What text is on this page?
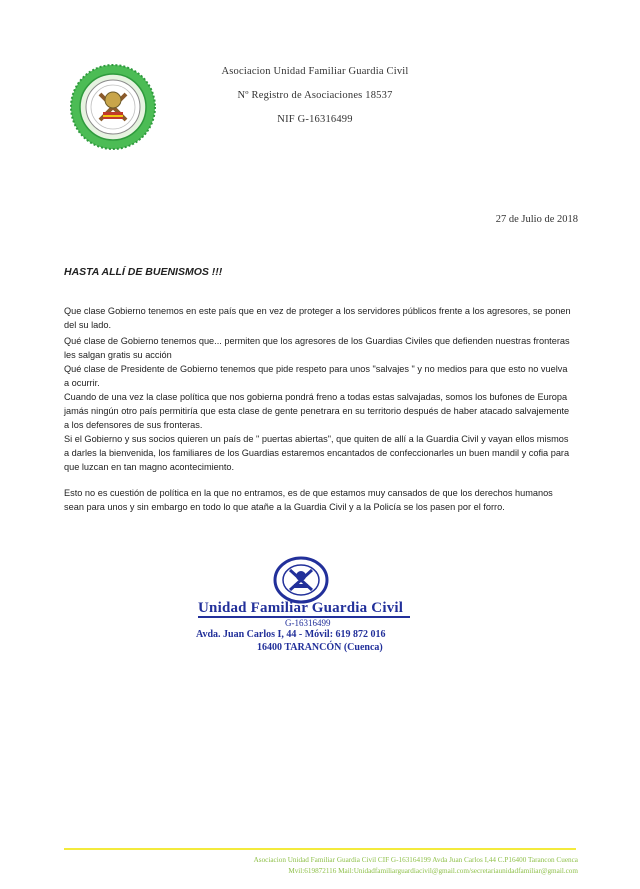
Asociacion Unidad Familiar Guardia Civil
Nº Registro de Asociaciones 18537
NIF G-16316499
27 de Julio de 2018
HASTA ALLÍ DE BUENISMOS !!!

Que clase Gobierno tenemos en este país que en vez de proteger a los servidores públicos frente a los agresores, se ponen del su lado.

Qué clase de Gobierno tenemos que... permiten que los agresores de los Guardias Civiles que defienden nuestras fronteras les salgan gratis su acción

Qué clase de Presidente de Gobierno tenemos que pide respeto para unos "salvajes " y no medios para que esto no vuelva a ocurrir.

Cuando de una vez la clase política que nos gobierna pondrá freno a todas estas salvajadas, somos los bufones de Europa jamás ningún otro país permitiría que esta clase de gente penetrara en su territorio después de haber atacado salvajemente a los defensores de sus fronteras.

Si el Gobierno y sus socios quieren un país de " puertas abiertas", que quiten de allí a la Guardia Civil y vayan ellos mismos a darles la bienvenida, los familiares de los Guardias estaremos encantados de confeccionarles un buen mandil y cofia para que luzcan en tan magno acontecimiento.

Esto no es cuestión de política en la que no entramos, es de que estamos muy cansados de que los derechos humanos sean para unos y sin embargo en todo lo que atañe a la Guardia Civil y a la Policía se los pasen por el forro.

Unidad Familiar Guardia Civil
G-16316499
Avda. Juan Carlos I, 44 - Móvil: 619 872 016
16400 TARANCÓN (Cuenca)
Asociacion Unidad Familiar Guardia Civil CIF G-163164199 Avda Juan Carlos I,44 C.P16400 Tarancon Cuenca
Mvil:619872116 Mail:Unidadfamiliarguardiacivil@gmail.com/secretariaunidadfamiliar@gmail.com
